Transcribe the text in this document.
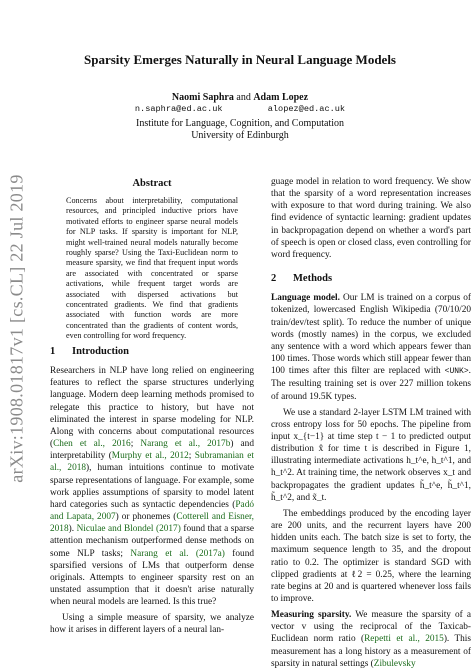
arXiv:1908.01817v1 [cs.CL] 22 Jul 2019
Sparsity Emerges Naturally in Neural Language Models
Naomi Saphra and Adam Lopez
n.saphra@ed.ac.uk	alopez@ed.ac.uk
Institute for Language, Cognition, and Computation
University of Edinburgh
Abstract
Concerns about interpretability, computational resources, and principled inductive priors have motivated efforts to engineer sparse neural models for NLP tasks. If sparsity is important for NLP, might well-trained neural models naturally become roughly sparse? Using the Taxi-Euclidean norm to measure sparsity, we find that frequent input words are associated with concentrated or sparse activations, while frequent target words are associated with dispersed activations but concentrated gradients. We find that gradients associated with function words are more concentrated than the gradients of content words, even controlling for word frequency.
1 Introduction

Researchers in NLP have long relied on engineering features to reflect the sparse structures underlying language. Modern deep learning methods promised to relegate this practice to history, but have not eliminated the interest in sparse modeling for NLP. Along with concerns about computational resources (Chen et al., 2016; Narang et al., 2017b) and interpretability (Murphy et al., 2012; Subramanian et al., 2018), human intuitions continue to motivate sparse representations of language. For example, some work applies assumptions of sparsity to model latent hard categories such as syntactic dependencies (Padó and Lapata, 2007) or phonemes (Cotterell and Eisner, 2018). Niculae and Blondel (2017) found that a sparse attention mechanism outperformed dense methods on some NLP tasks; Narang et al. (2017a) found sparsified versions of LMs that outperform dense originals. Attempts to engineer sparsity rest on an unstated assumption that it doesn't arise naturally when neural models are learned. Is this true?

Using a simple measure of sparsity, we analyze how it arises in different layers of a neural lan-

guage model in relation to word frequency. We show that the sparsity of a word representation increases with exposure to that word during training. We also find evidence of syntactic learning: gradient updates in backpropagation depend on whether a word's part of speech is open or closed class, even controlling for word frequency.

2 Methods

Language model. Our LM is trained on a corpus of tokenized, lowercased English Wikipedia (70/10/20 train/dev/test split). To reduce the number of unique words (mostly names) in the corpus, we excluded any sentence with a word which appears fewer than 100 times. Those words which still appear fewer than 100 times after this filter are replaced with <UNK>. The resulting training set is over 227 million tokens of around 19.5K types.

We use a standard 2-layer LSTM LM trained with cross entropy loss for 50 epochs. The pipeline from input x_{t−1} at time step t − 1 to predicted output distribution x̂ for time t is described in Figure 1, illustrating intermediate activations h_t^e, h_t^1, and h_t^2. At training time, the network observes x_t and backpropagates the gradient updates h̃_t^e, h̃_t^1, h̃_t^2, and x̃_t.

The embeddings produced by the encoding layer are 200 units, and the recurrent layers have 200 hidden units each. The batch size is set to forty, the maximum sequence length to 35, and the dropout ratio to 0.2. The optimizer is standard SGD with clipped gradients at ℓ2 = 0.25, where the learning rate begins at 20 and is quartered whenever loss fails to improve.

Measuring sparsity. We measure the sparsity of a vector v using the reciprocal of the Taxicab-Euclidean norm ratio (Repetti et al., 2015). This measurement has a long history as a measurement of sparsity in natural settings (Zibulevsky
